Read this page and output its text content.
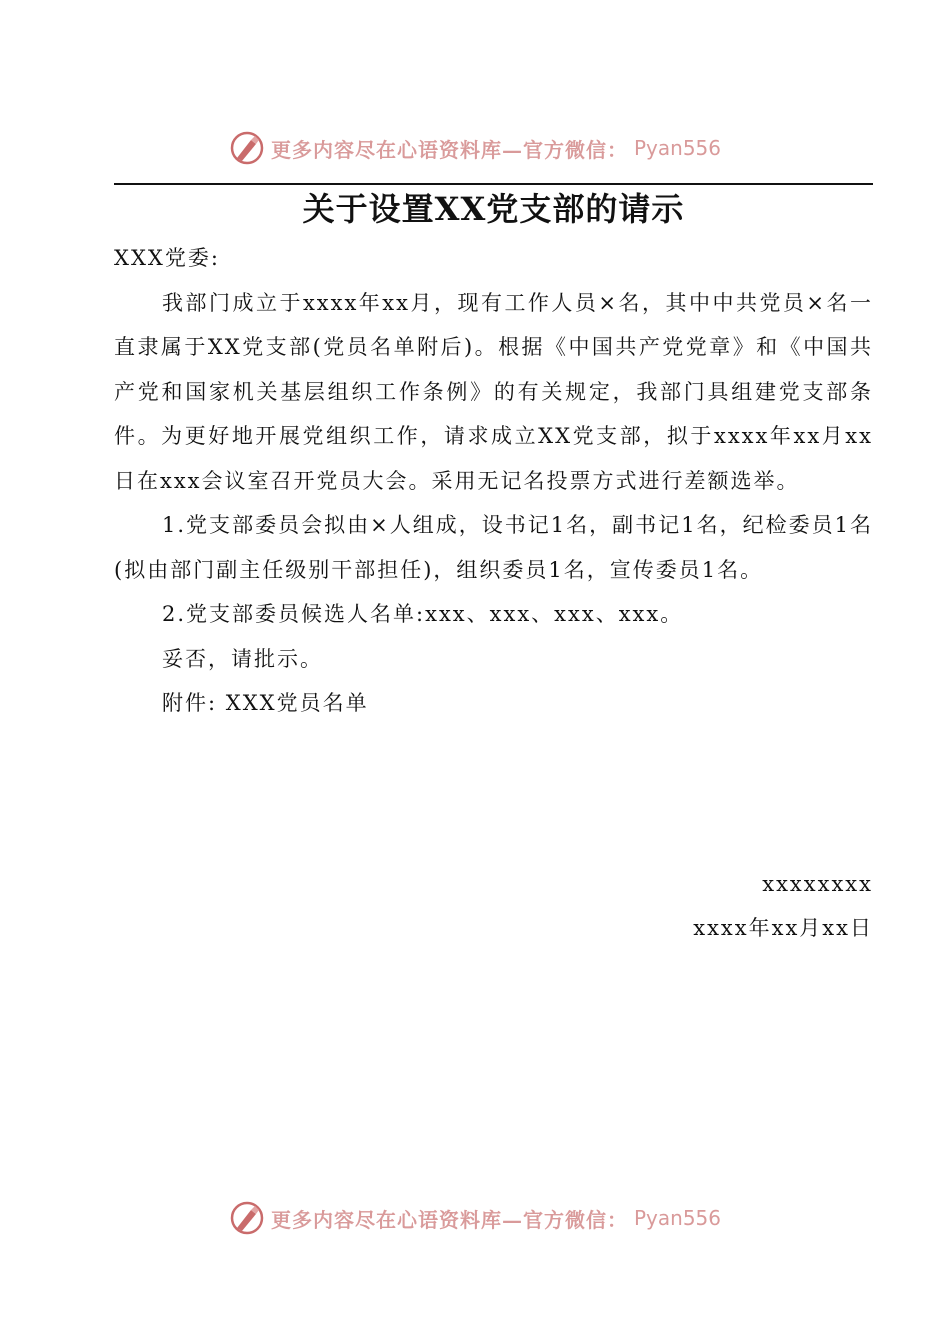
更多内容尽在心语资料库—官方微信： Pyan556
关于设置XX党支部的请示

XXX党委:

我部门成立于xxxx年xx月，现有工作人员×名，其中中共党员×名一直隶属于XX党支部(党员名单附后)。根据《中国共产党党章》和《中国共产党和国家机关基层组织工作条例》的有关规定，我部门具组建党支部条件。为更好地开展党组织工作，请求成立XX党支部，拟于xxxx年xx月xx日在xxx会议室召开党员大会。采用无记名投票方式进行差额选举。

1.党支部委员会拟由×人组成，设书记1名，副书记1名，纪检委员1名(拟由部门副主任级别干部担任)，组织委员1名，宣传委员1名。

2.党支部委员候选人名单:xxx、xxx、xxx、xxx。

妥否，请批示。

附件: XXX党员名单

xxxxxxxx
xxxx年xx月xx日
更多内容尽在心语资料库—官方微信： Pyan556
